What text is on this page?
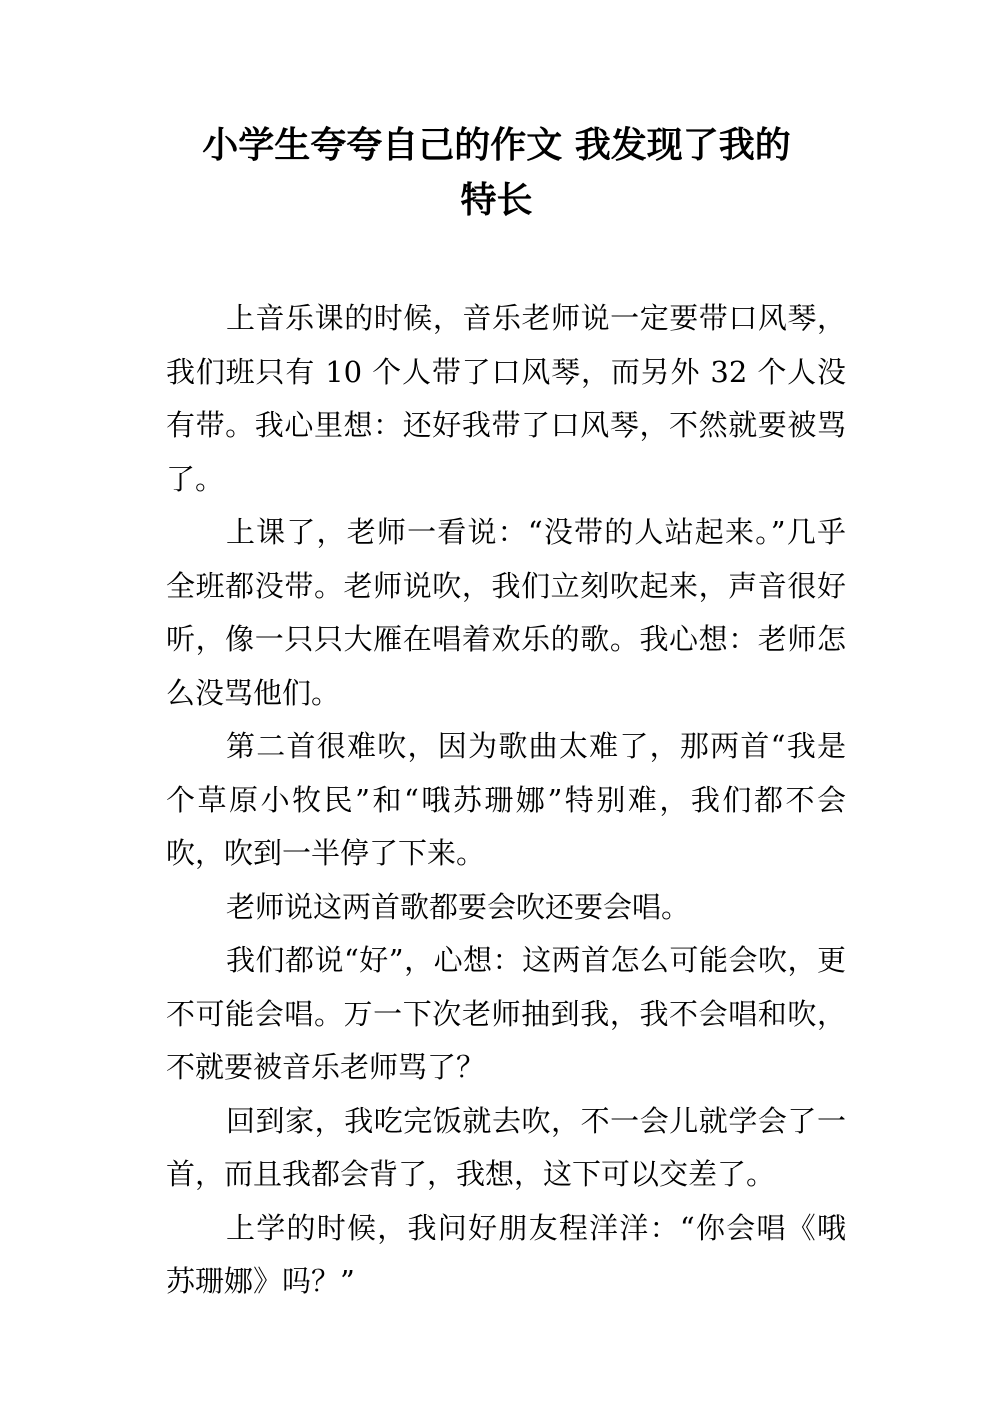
小学生夸夸自己的作文 我发现了我的
特长

上音乐课的时候，音乐老师说一定要带口风琴，我们班只有 10 个人带了口风琴，而另外 32 个人没有带。我心里想：还好我带了口风琴，不然就要被骂了。

上课了，老师一看说：“没带的人站起来。”几乎全班都没带。老师说吹，我们立刻吹起来，声音很好听，像一只只大雁在唱着欢乐的歌。我心想：老师怎么没骂他们。

第二首很难吹，因为歌曲太难了，那两首“我是个草原小牧民”和“哦苏珊娜”特别难，我们都不会吹，吹到一半停了下来。

老师说这两首歌都要会吹还要会唱。

我们都说“好”，心想：这两首怎么可能会吹，更不可能会唱。万一下次老师抽到我，我不会唱和吹，不就要被音乐老师骂了？

回到家，我吃完饭就去吹，不一会儿就学会了一首，而且我都会背了，我想，这下可以交差了。

上学的时候，我问好朋友程洋洋：“你会唱《哦苏珊娜》吗？”
